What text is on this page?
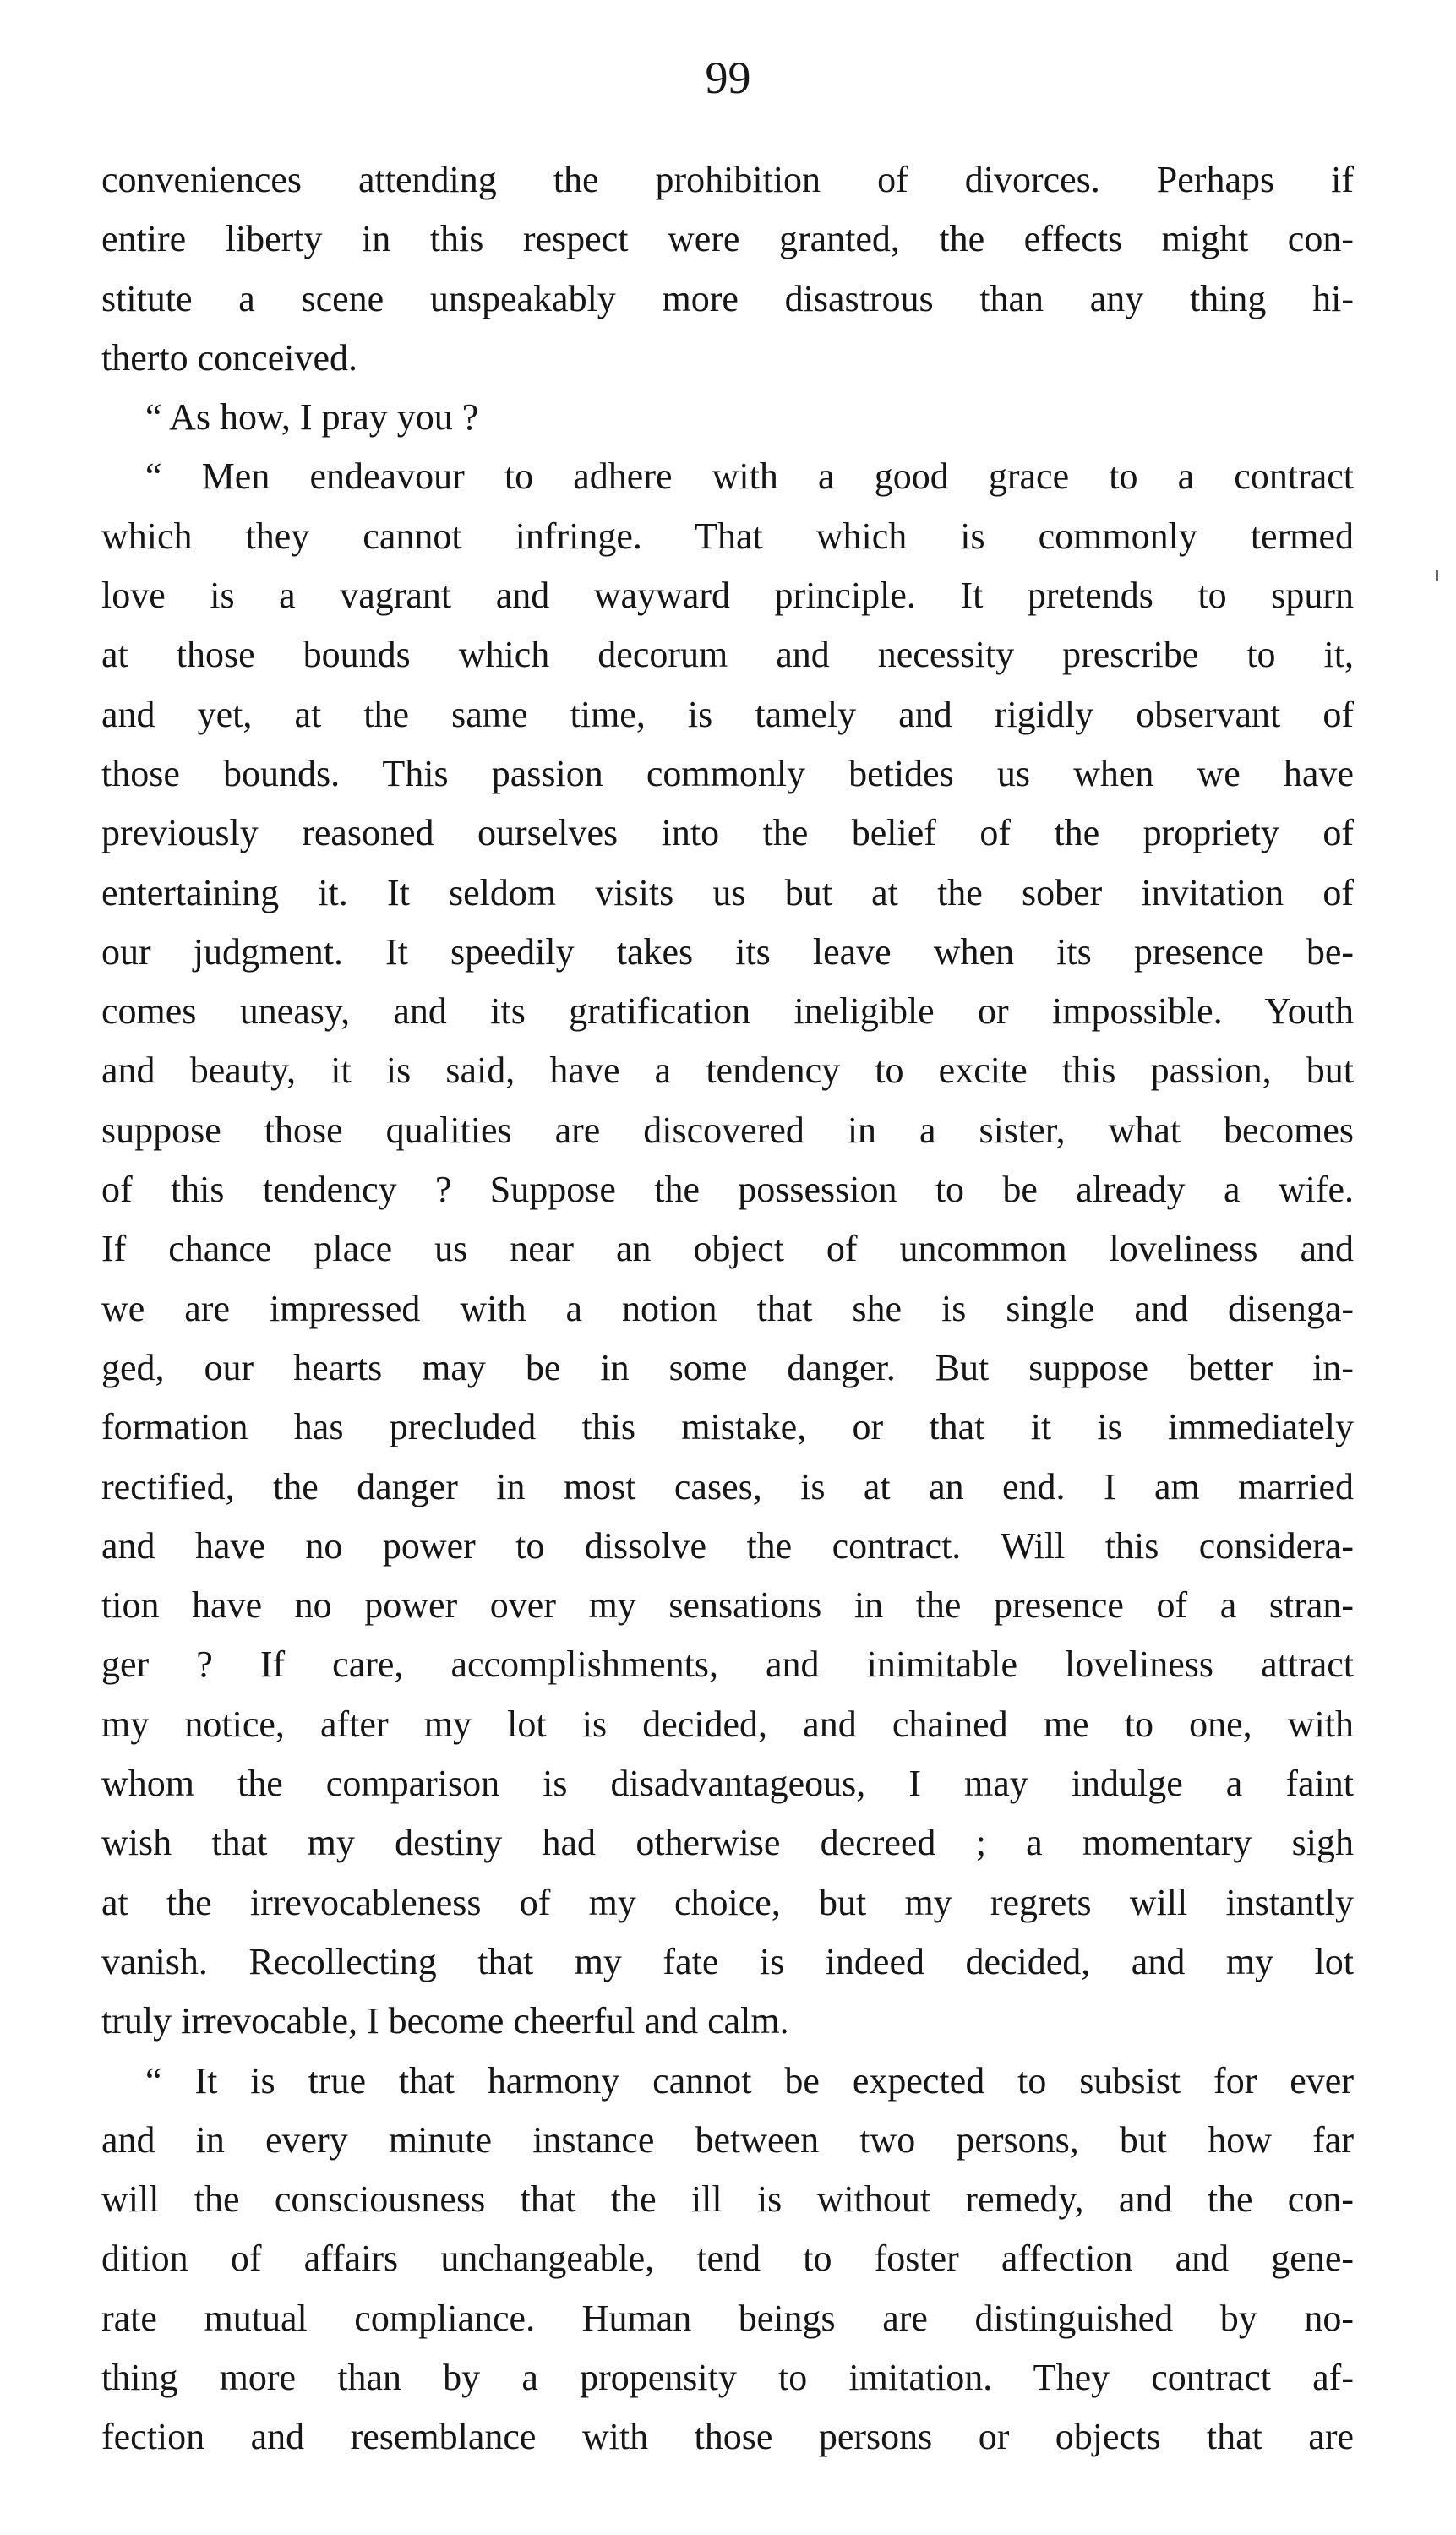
99
conveniences attending the prohibition of divorces. Perhaps if
entire liberty in this respect were granted, the effects might con-
stitute a scene unspeakably more disastrous than any thing hi-
therto conceived.
“ As how, I pray you ?
“ Men endeavour to adhere with a good grace to a contract
which they cannot infringe. That which is commonly termed
love is a vagrant and wayward principle. It pretends to spurn
at those bounds which decorum and necessity prescribe to it,
and yet, at the same time, is tamely and rigidly observant of
those bounds. This passion commonly betides us when we have
previously reasoned ourselves into the belief of the propriety of
entertaining it. It seldom visits us but at the sober invitation of
our judgment. It speedily takes its leave when its presence be-
comes uneasy, and its gratification ineligible or impossible. Youth
and beauty, it is said, have a tendency to excite this passion, but
suppose those qualities are discovered in a sister, what becomes
of this tendency ? Suppose the possession to be already a wife.
If chance place us near an object of uncommon loveliness and
we are impressed with a notion that she is single and disenga-
ged, our hearts may be in some danger. But suppose better in-
formation has precluded this mistake, or that it is immediately
rectified, the danger in most cases, is at an end. I am married
and have no power to dissolve the contract. Will this considera-
tion have no power over my sensations in the presence of a stran-
ger ? If care, accomplishments, and inimitable loveliness attract
my notice, after my lot is decided, and chained me to one, with
whom the comparison is disadvantageous, I may indulge a faint
wish that my destiny had otherwise decreed ; a momentary sigh
at the irrevocableness of my choice, but my regrets will instantly
vanish. Recollecting that my fate is indeed decided, and my lot
truly irrevocable, I become cheerful and calm.
“ It is true that harmony cannot be expected to subsist for ever
and in every minute instance between two persons, but how far
will the consciousness that the ill is without remedy, and the con-
dition of affairs unchangeable, tend to foster affection and gene-
rate mutual compliance. Human beings are distinguished by no-
thing more than by a propensity to imitation. They contract af-
fection and resemblance with those persons or objects that are
